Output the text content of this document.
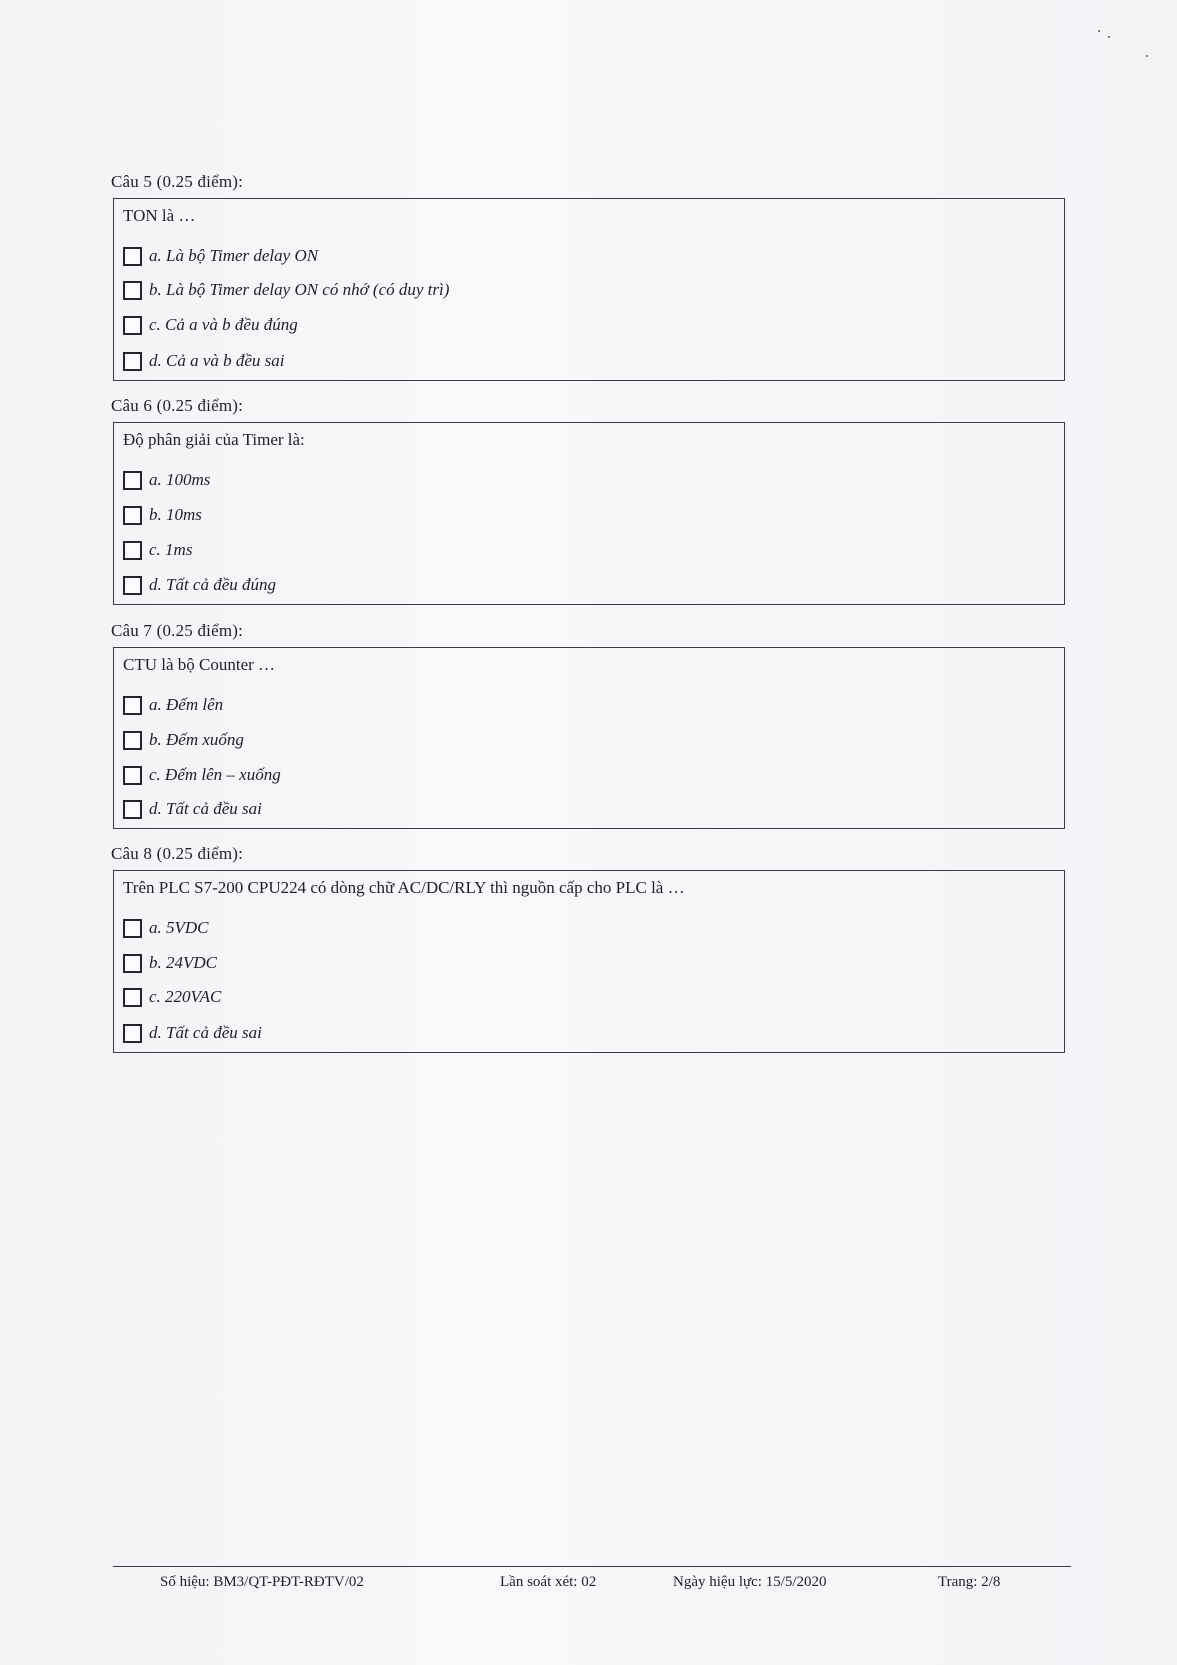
Câu 5 (0.25 điểm):
TON là …
a. Là bộ Timer delay ON
b. Là bộ Timer delay ON có nhớ (có duy trì)
c. Cả a và b đều đúng
d. Cả a và b đều sai
Câu 6 (0.25 điểm):
Độ phân giải của Timer là:
a. 100ms
b. 10ms
c. 1ms
d. Tất cả đều đúng
Câu 7 (0.25 điểm):
CTU là bộ Counter …
a. Đếm lên
b. Đếm xuống
c. Đếm lên – xuống
d. Tất cả đều sai
Câu 8 (0.25 điểm):
Trên PLC S7-200 CPU224 có dòng chữ AC/DC/RLY thì nguồn cấp cho PLC là …
a. 5VDC
b. 24VDC
c. 220VAC
d. Tất cả đều sai
Số hiệu: BM3/QT-PĐT-RĐTV/02	Lần soát xét: 02	Ngày hiệu lực: 15/5/2020	Trang: 2/8
